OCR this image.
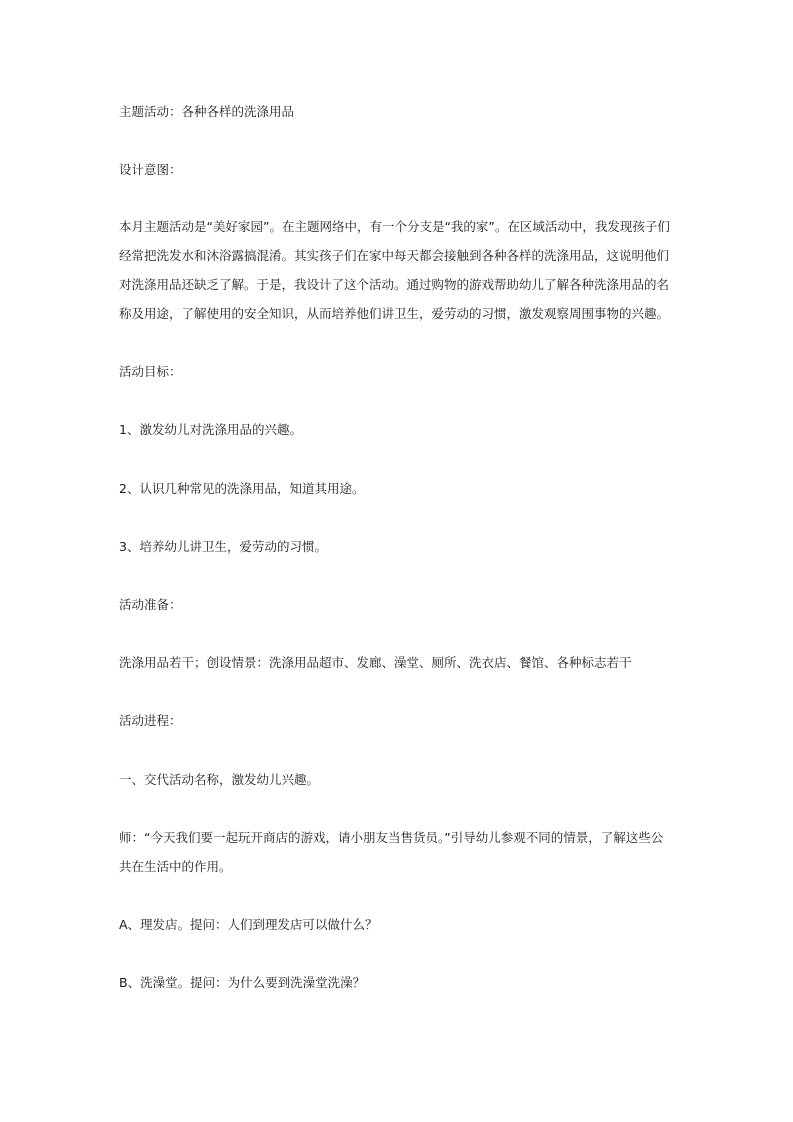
主题活动：各种各样的洗涤用品

设计意图：

本月主题活动是“美好家园”。在主题网络中，有一个分支是“我的家”。在区域活动中，我发现孩子们经常把洗发水和沐浴露搞混淆。其实孩子们在家中每天都会接触到各种各样的洗涤用品，这说明他们对洗涤用品还缺乏了解。于是，我设计了这个活动。通过购物的游戏帮助幼儿了解各种洗涤用品的名称及用途，了解使用的安全知识，从而培养他们讲卫生，爱劳动的习惯，激发观察周围事物的兴趣。

活动目标：

1、激发幼儿对洗涤用品的兴趣。

2、认识几种常见的洗涤用品，知道其用途。

3、培养幼儿讲卫生，爱劳动的习惯。

活动准备：

洗涤用品若干；创设情景：洗涤用品超市、发廊、澡堂、厕所、洗衣店、餐馆、各种标志若干

活动进程：

一、交代活动名称，激发幼儿兴趣。

师：“今天我们要一起玩开商店的游戏，请小朋友当售货员。”引导幼儿参观不同的情景，了解这些公共在生活中的作用。

A、理发店。提问：人们到理发店可以做什么？

B、洗澡堂。提问：为什么要到洗澡堂洗澡？
